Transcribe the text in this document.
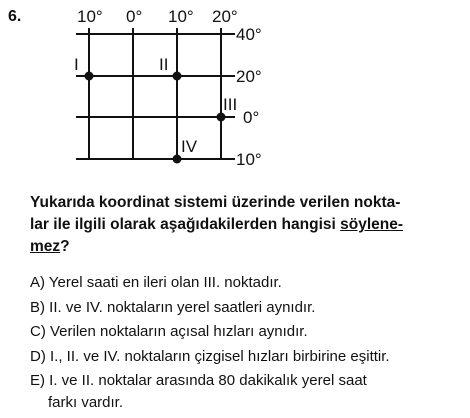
6.	10° 0° 10° 20°
40°
20°
0°
10°
I	II
III
IV
Yukarıda koordinat sistemi üzerinde verilen nokta-
lar ile ilgili olarak aşağıdakilerden hangisi söylene-
mez?
A) Yerel saati en ileri olan III. noktadır.
B) II. ve IV. noktaların yerel saatleri aynıdır.
C) Verilen noktaların açısal hızları aynıdır.
D) I., II. ve IV. noktaların çizgisel hızları birbirine eşittir.
E) I. ve II. noktalar arasında 80 dakikalık yerel saat
farkı vardır.
